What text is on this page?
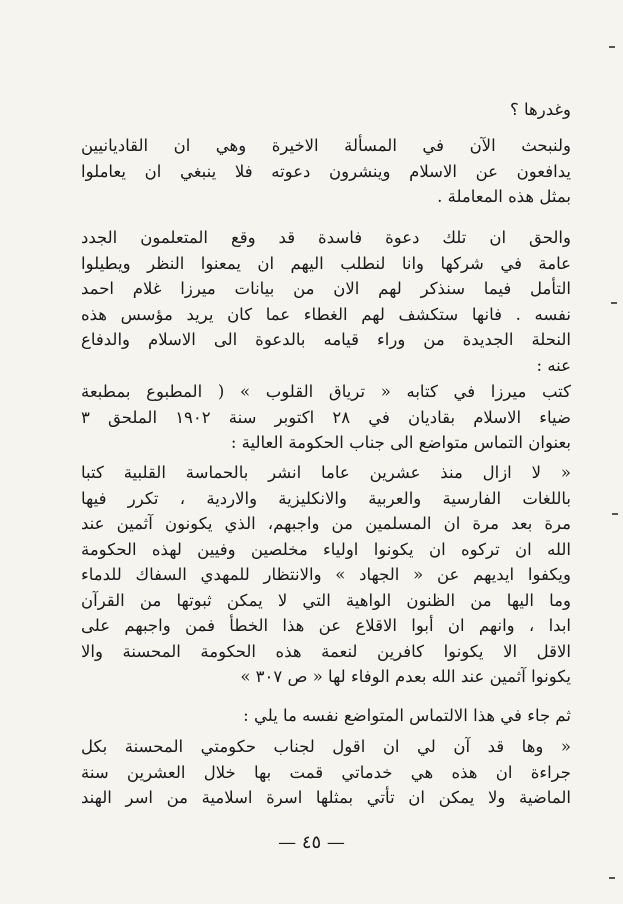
وغدرها ؟
ولنبحث الآن في المسألة الاخيرة وهي ان القاديانيين
يدافعون عن الاسلام وينشرون دعوته فلا ينبغي ان يعاملوا
بمثل هذه المعاملة .
والحق ان تلك دعوة فاسدة قد وقع المتعلمون الجدد
عامة في شركها وانا لنطلب اليهم ان يمعنوا النظر ويطيلوا
التأمل فيما سنذكر لهم الان من بيانات ميرزا غلام احمد
نفسه . فانها ستكشف لهم الغطاء عما كان يريد مؤسس هذه
النحلة الجديدة من وراء قيامه بالدعوة الى الاسلام والدفاع
عنه :
كتب ميرزا في كتابه « ترياق القلوب » ( المطبوع بمطبعة
ضياء الاسلام بقاديان في ٢٨ اكتوبر سنة ١٩٠٢ الملحق ٣
بعنوان التماس متواضع الى جناب الحكومة العالية :
« لا ازال منذ عشرين عاما انشر بالحماسة القلبية كتبا
باللغات الفارسية والعربية والانكليزية والاردية ، تكرر فيها
مرة بعد مرة ان المسلمين من واجبهم، الذي يكونون آثمين عند
الله ان تركوه ان يكونوا اولياء مخلصين وفيين لهذه الحكومة
ويكفوا ايديهم عن « الجهاد » والانتظار للمهدي السفاك للدماء
وما اليها من الظنون الواهية التي لا يمكن ثبوتها من القرآن
ابدا ، وانهم ان أبوا الاقلاع عن هذا الخطأ فمن واجبهم على
الاقل الا يكونوا كافرين لنعمة هذه الحكومة المحسنة والا
يكونوا آثمين عند الله بعدم الوفاء لها « ص ٣٠٧ »
ثم جاء في هذا الالتماس المتواضع نفسه ما يلي :
« وها قد آن لي ان اقول لجناب حكومتي المحسنة بكل
جراءة ان هذه هي خدماتي قمت بها خلال العشرين سنة
الماضية ولا يمكن ان تأتي بمثلها اسرة اسلامية من اسر الهند
— ٤٥ —
